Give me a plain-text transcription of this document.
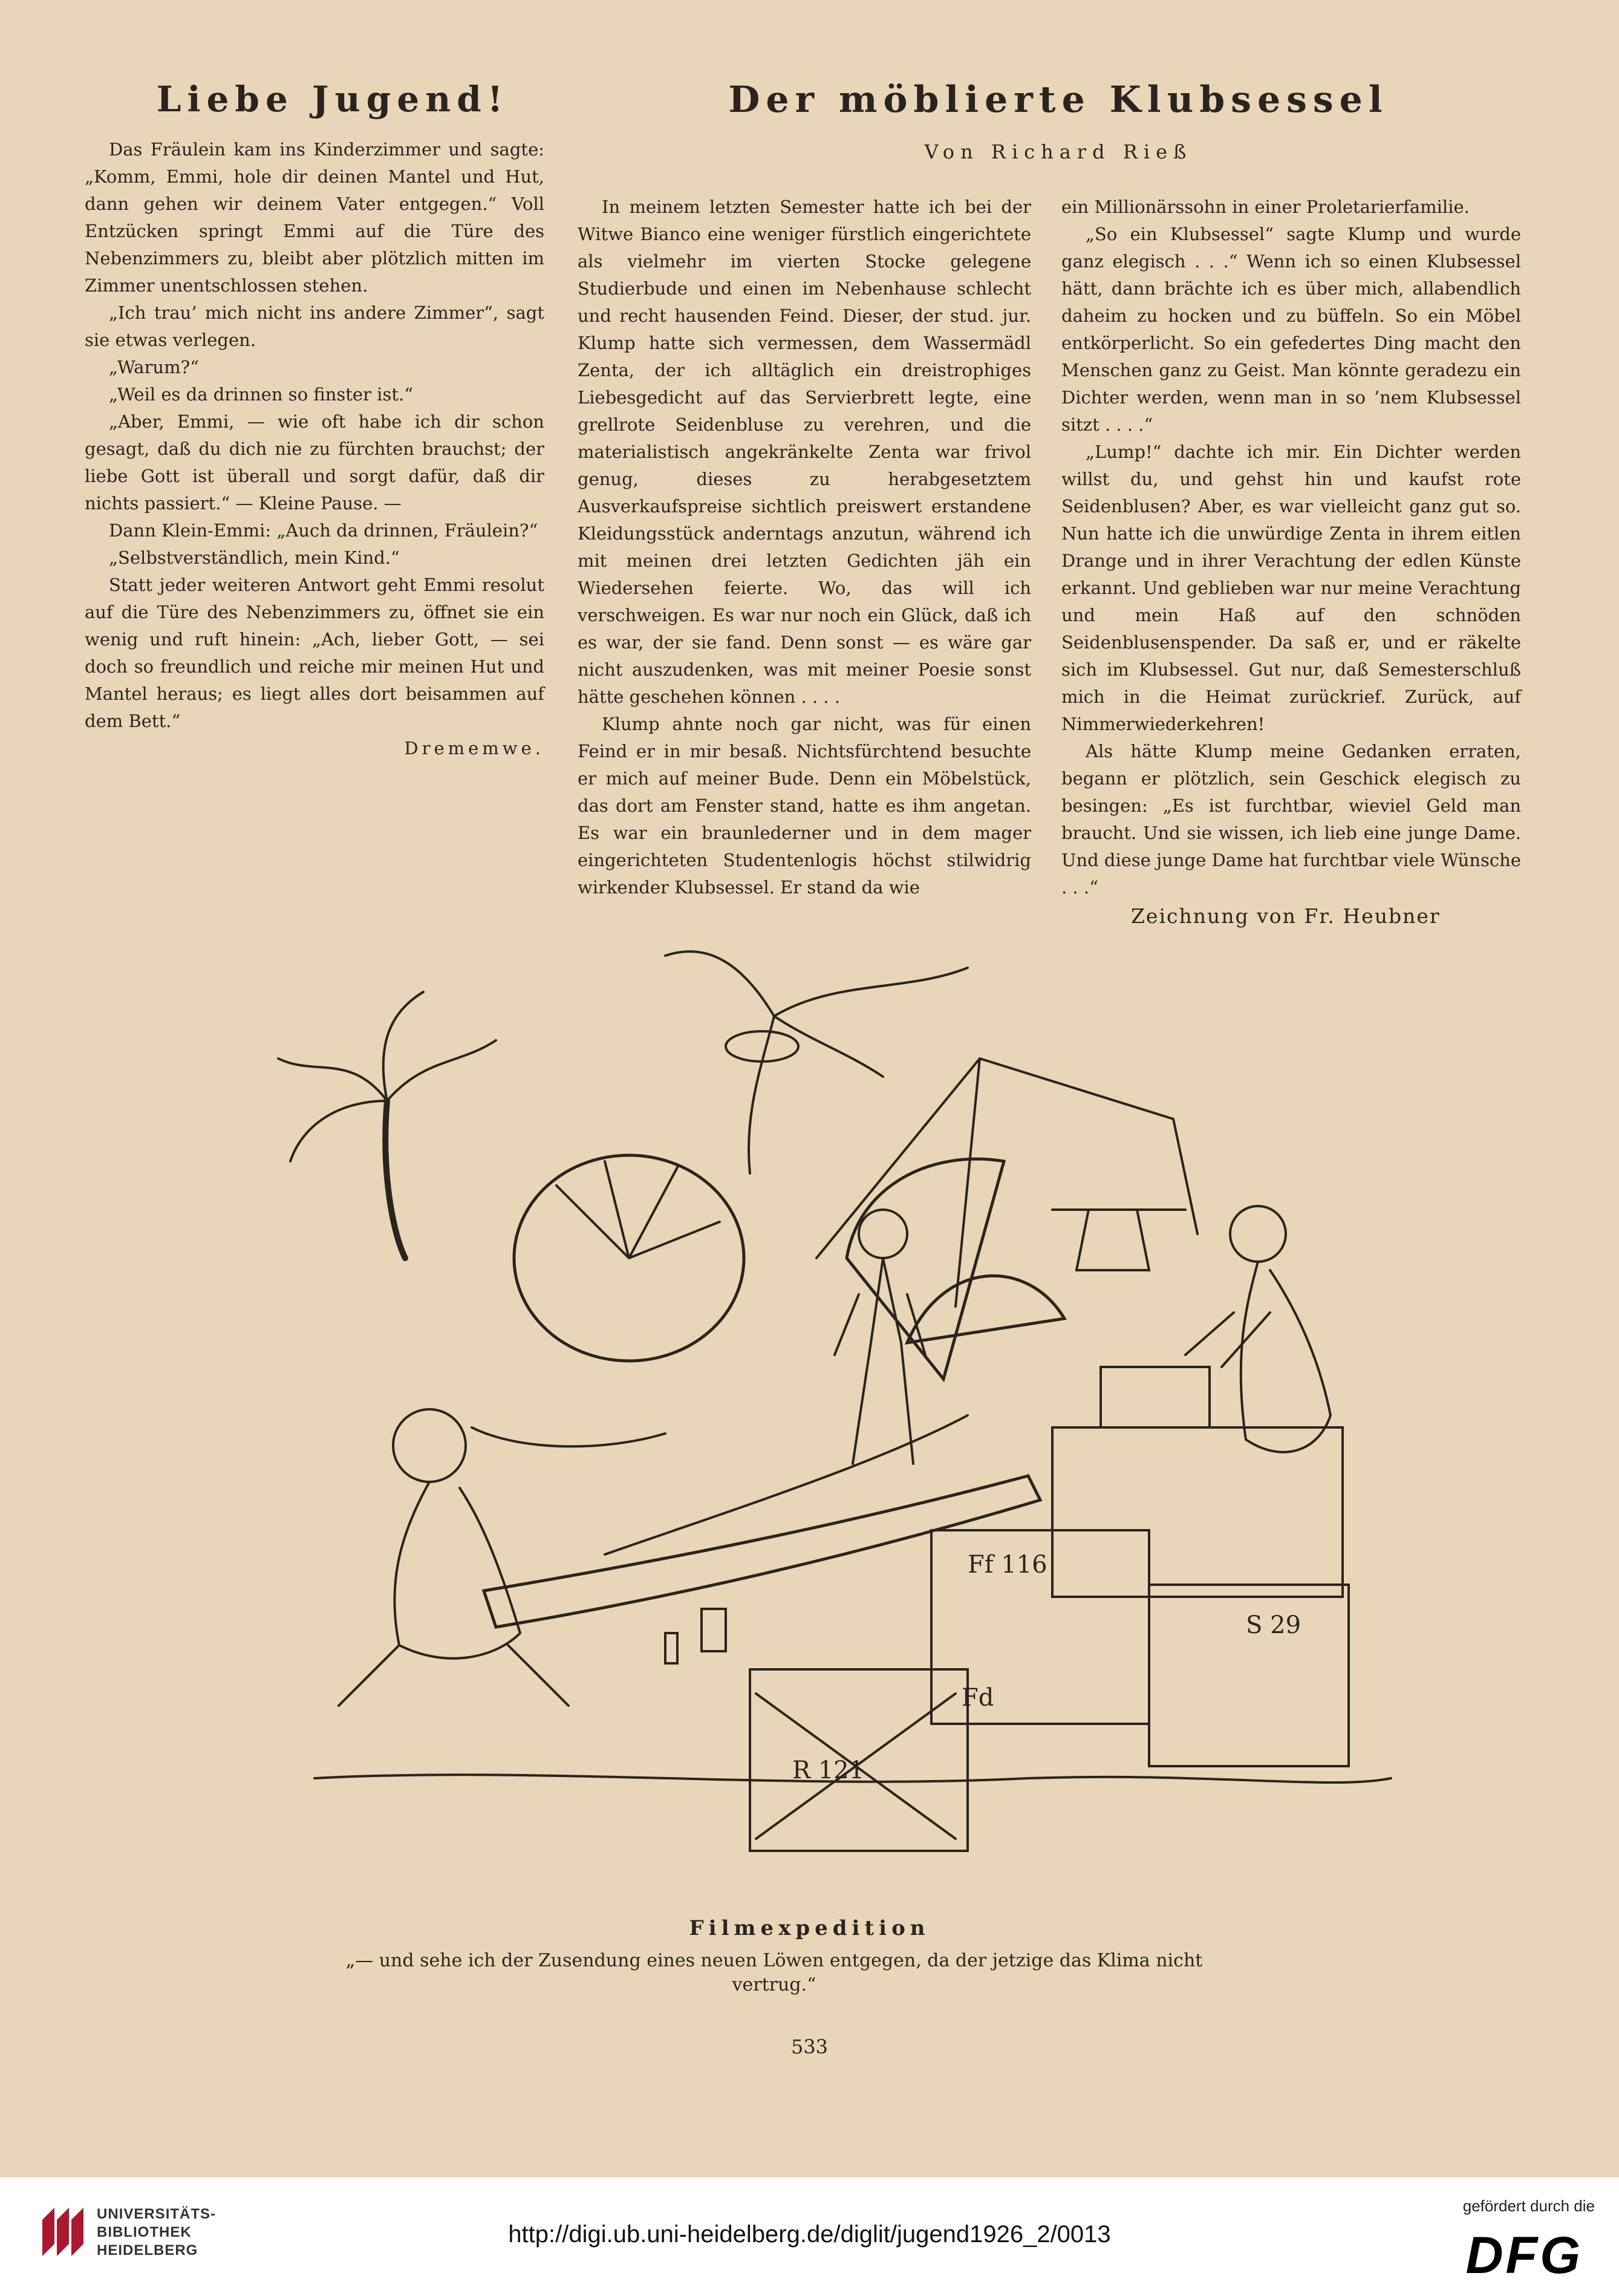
Liebe Jugend!

Das Fräulein kam ins Kinderzimmer und sagte: „Komm, Emmi, hole dir deinen Mantel und Hut, dann gehen wir deinem Vater entgegen.“ Voll Entzücken springt Emmi auf die Türe des Nebenzimmers zu, bleibt aber plötzlich mitten im Zimmer unentschlossen stehen.

„Ich trau’ mich nicht ins andere Zimmer“, sagt sie etwas verlegen.

„Warum?“

„Weil es da drinnen so finster ist.“

„Aber, Emmi, — wie oft habe ich dir schon gesagt, daß du dich nie zu fürchten brauchst; der liebe Gott ist überall und sorgt dafür, daß dir nichts passiert.“ — Kleine Pause. —

Dann Klein-Emmi: „Auch da drinnen, Fräulein?“

„Selbstverständlich, mein Kind.“

Statt jeder weiteren Antwort geht Emmi resolut auf die Türe des Nebenzimmers zu, öffnet sie ein wenig und ruft hinein: „Ach, lieber Gott, — sei doch so freundlich und reiche mir meinen Hut und Mantel heraus; es liegt alles dort beisammen auf dem Bett.“

Drememwe.

Der möblierte Klubsessel
Von Richard Rieß

In meinem letzten Semester hatte ich bei der Witwe Bianco eine weniger fürstlich eingerichtete als vielmehr im vierten Stocke gelegene Studierbude und einen im Nebenhause schlecht und recht hausenden Feind. Dieser, der stud. jur. Klump hatte sich vermessen, dem Wassermädl Zenta, der ich alltäglich ein dreistrophiges Liebesgedicht auf das Servierbrett legte, eine grellrote Seidenbluse zu verehren, und die materialistisch angekränkelte Zenta war frivol genug, dieses zu herabgesetztem Ausverkaufspreise sichtlich preiswert erstandene Kleidungsstück anderntags anzutun, während ich mit meinen drei letzten Gedichten jäh ein Wiedersehen feierte. Wo, das will ich verschweigen. Es war nur noch ein Glück, daß ich es war, der sie fand. Denn sonst — es wäre gar nicht auszudenken, was mit meiner Poesie sonst hätte geschehen können . . . .

Klump ahnte noch gar nicht, was für einen Feind er in mir besaß. Nichtsfürchtend besuchte er mich auf meiner Bude. Denn ein Möbelstück, das dort am Fenster stand, hatte es ihm angetan. Es war ein braunlederner und in dem mager eingerichteten Studentenlogis höchst stilwidrig wirkender Klubsessel. Er stand da wie

ein Millionärssohn in einer Proletarierfamilie.

„So ein Klubsessel“ sagte Klump und wurde ganz elegisch . . .“ Wenn ich so einen Klubsessel hätt, dann brächte ich es über mich, allabendlich daheim zu hocken und zu büffeln. So ein Möbel entkörperlicht. So ein gefedertes Ding macht den Menschen ganz zu Geist. Man könnte geradezu ein Dichter werden, wenn man in so ’nem Klubsessel sitzt . . . .“

„Lump!“ dachte ich mir. Ein Dichter werden willst du, und gehst hin und kaufst rote Seidenblusen? Aber, es war vielleicht ganz gut so. Nun hatte ich die unwürdige Zenta in ihrem eitlen Drange und in ihrer Verachtung der edlen Künste erkannt. Und geblieben war nur meine Verachtung und mein Haß auf den schnöden Seidenblusenspender. Da saß er, und er räkelte sich im Klubsessel. Gut nur, daß Semesterschluß mich in die Heimat zurückrief. Zurück, auf Nimmerwiederkehren!

Als hätte Klump meine Gedanken erraten, begann er plötzlich, sein Geschick elegisch zu besingen: „Es ist furchtbar, wieviel Geld man braucht. Und sie wissen, ich lieb eine junge Dame. Und diese junge Dame hat furchtbar viele Wünsche . . .“

Zeichnung von Fr. Heubner
Ff 116
S 29
Fd
R 121
Filmexpedition
„— und sehe ich der Zusendung eines neuen Löwen entgegen, da der jetzige das Klima nicht vertrug.“
533
UNIVERSITÄTS-
BIBLIOTHEK
HEIDELBERG
http://digi.ub.uni-heidelberg.de/diglit/jugend1926_2/0013
gefördert durch die
DFG
